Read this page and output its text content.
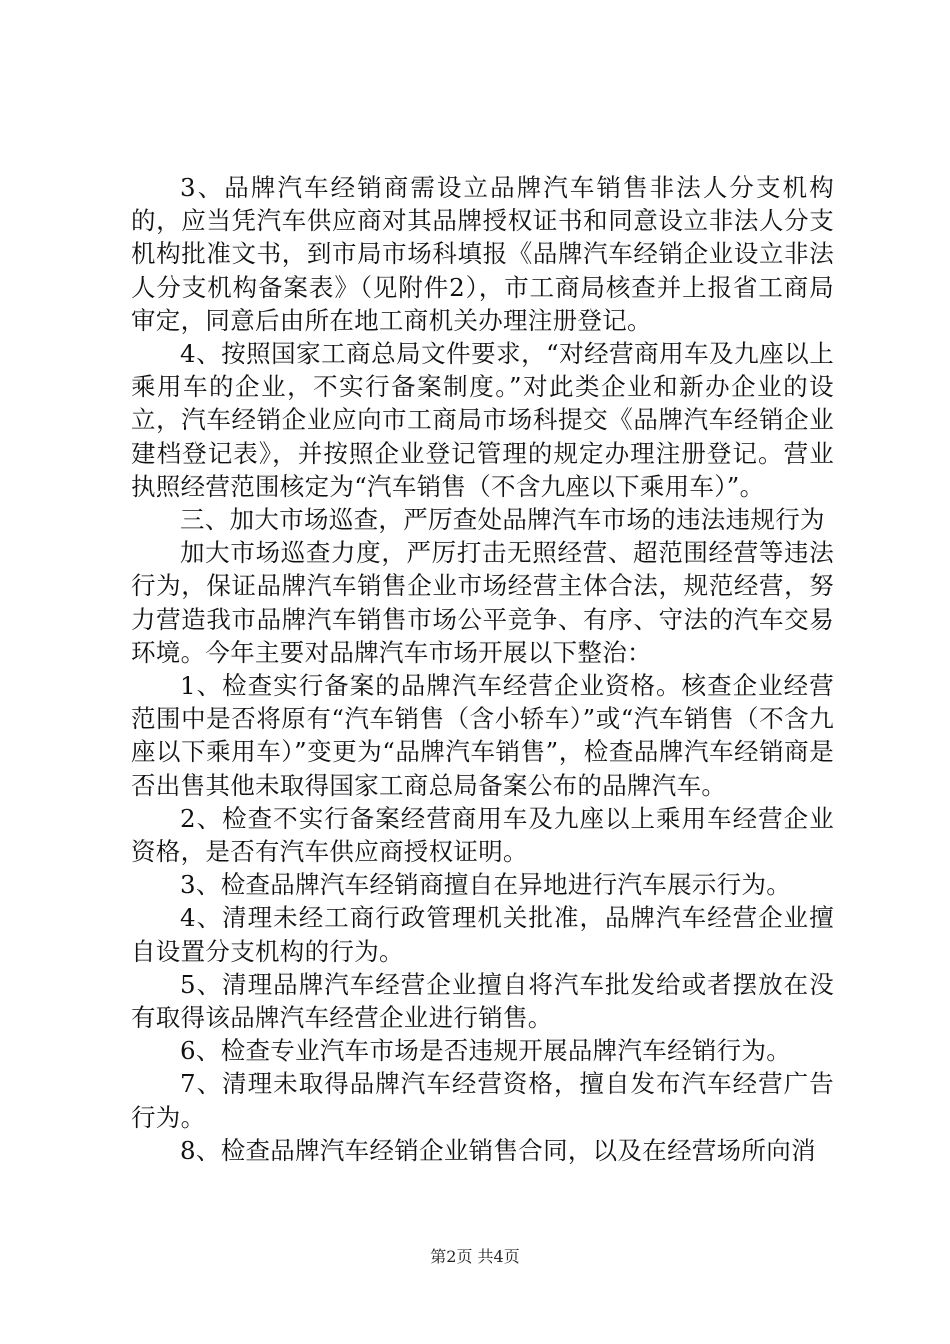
3、品牌汽车经销商需设立品牌汽车销售非法人分支机构的，应当凭汽车供应商对其品牌授权证书和同意设立非法人分支机构批准文书，到市局市场科填报《品牌汽车经销企业设立非法人分支机构备案表》（见附件2），市工商局核查并上报省工商局审定，同意后由所在地工商机关办理注册登记。

4、按照国家工商总局文件要求，“对经营商用车及九座以上乘用车的企业，不实行备案制度。”对此类企业和新办企业的设立，汽车经销企业应向市工商局市场科提交《品牌汽车经销企业建档登记表》，并按照企业登记管理的规定办理注册登记。营业执照经营范围核定为“汽车销售（不含九座以下乘用车）”。

三、加大市场巡查，严厉查处品牌汽车市场的违法违规行为

加大市场巡查力度，严厉打击无照经营、超范围经营等违法行为，保证品牌汽车销售企业市场经营主体合法，规范经营，努力营造我市品牌汽车销售市场公平竞争、有序、守法的汽车交易环境。今年主要对品牌汽车市场开展以下整治：

1、检查实行备案的品牌汽车经营企业资格。核查企业经营范围中是否将原有“汽车销售（含小轿车）”或“汽车销售（不含九座以下乘用车）”变更为“品牌汽车销售”，检查品牌汽车经销商是否出售其他未取得国家工商总局备案公布的品牌汽车。

2、检查不实行备案经营商用车及九座以上乘用车经营企业资格，是否有汽车供应商授权证明。

3、检查品牌汽车经销商擅自在异地进行汽车展示行为。

4、清理未经工商行政管理机关批准，品牌汽车经营企业擅自设置分支机构的行为。

5、清理品牌汽车经营企业擅自将汽车批发给或者摆放在没有取得该品牌汽车经营企业进行销售。

6、检查专业汽车市场是否违规开展品牌汽车经销行为。

7、清理未取得品牌汽车经营资格，擅自发布汽车经营广告行为。

8、检查品牌汽车经销企业销售合同，以及在经营场所向消

第2页 共4页
